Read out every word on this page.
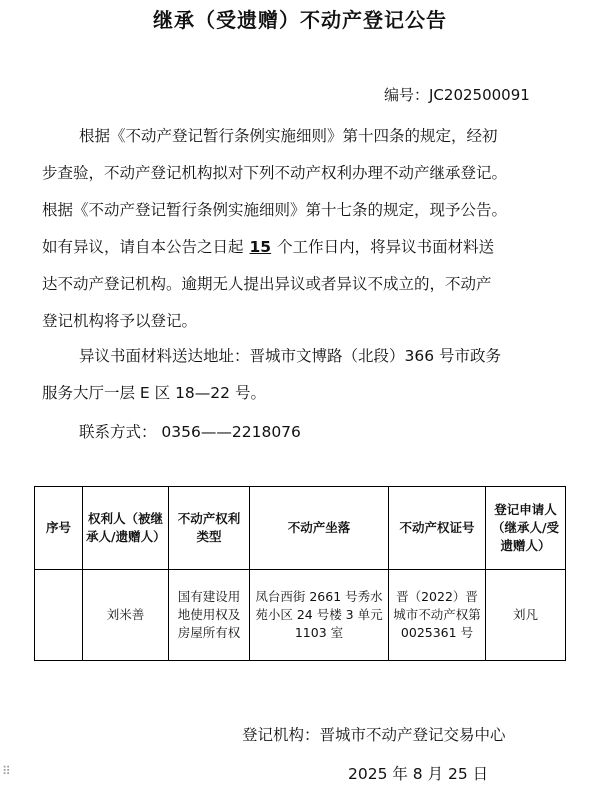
继承（受遗赠）不动产登记公告
编号：JC202500091
根据《不动产登记暂行条例实施细则》第十四条的规定，经初
步查验，不动产登记机构拟对下列不动产权利办理不动产继承登记。
根据《不动产登记暂行条例实施细则》第十七条的规定，现予公告。
如有异议，请自本公告之日起 15 个工作日内，将异议书面材料送
达不动产登记机构。逾期无人提出异议或者异议不成立的，不动产
登记机构将予以登记。
异议书面材料送达地址：晋城市文博路（北段）366 号市政务
服务大厅一层 E 区 18—22 号。
联系方式： 0356——2218076
序号	权利人（被继承人/遗赠人）	不动产权利类型	不动产坐落	不动产权证号	登记申请人（继承人/受遗赠人）
	刘米善	国有建设用地使用权及房屋所有权	凤台西街 2661 号秀水苑小区 24 号楼 3 单元 1103 室	晋（2022）晋城市不动产权第 0025361 号	刘凡
登记机构：晋城市不动产登记交易中心
2025 年 8 月 25 日
⠿
